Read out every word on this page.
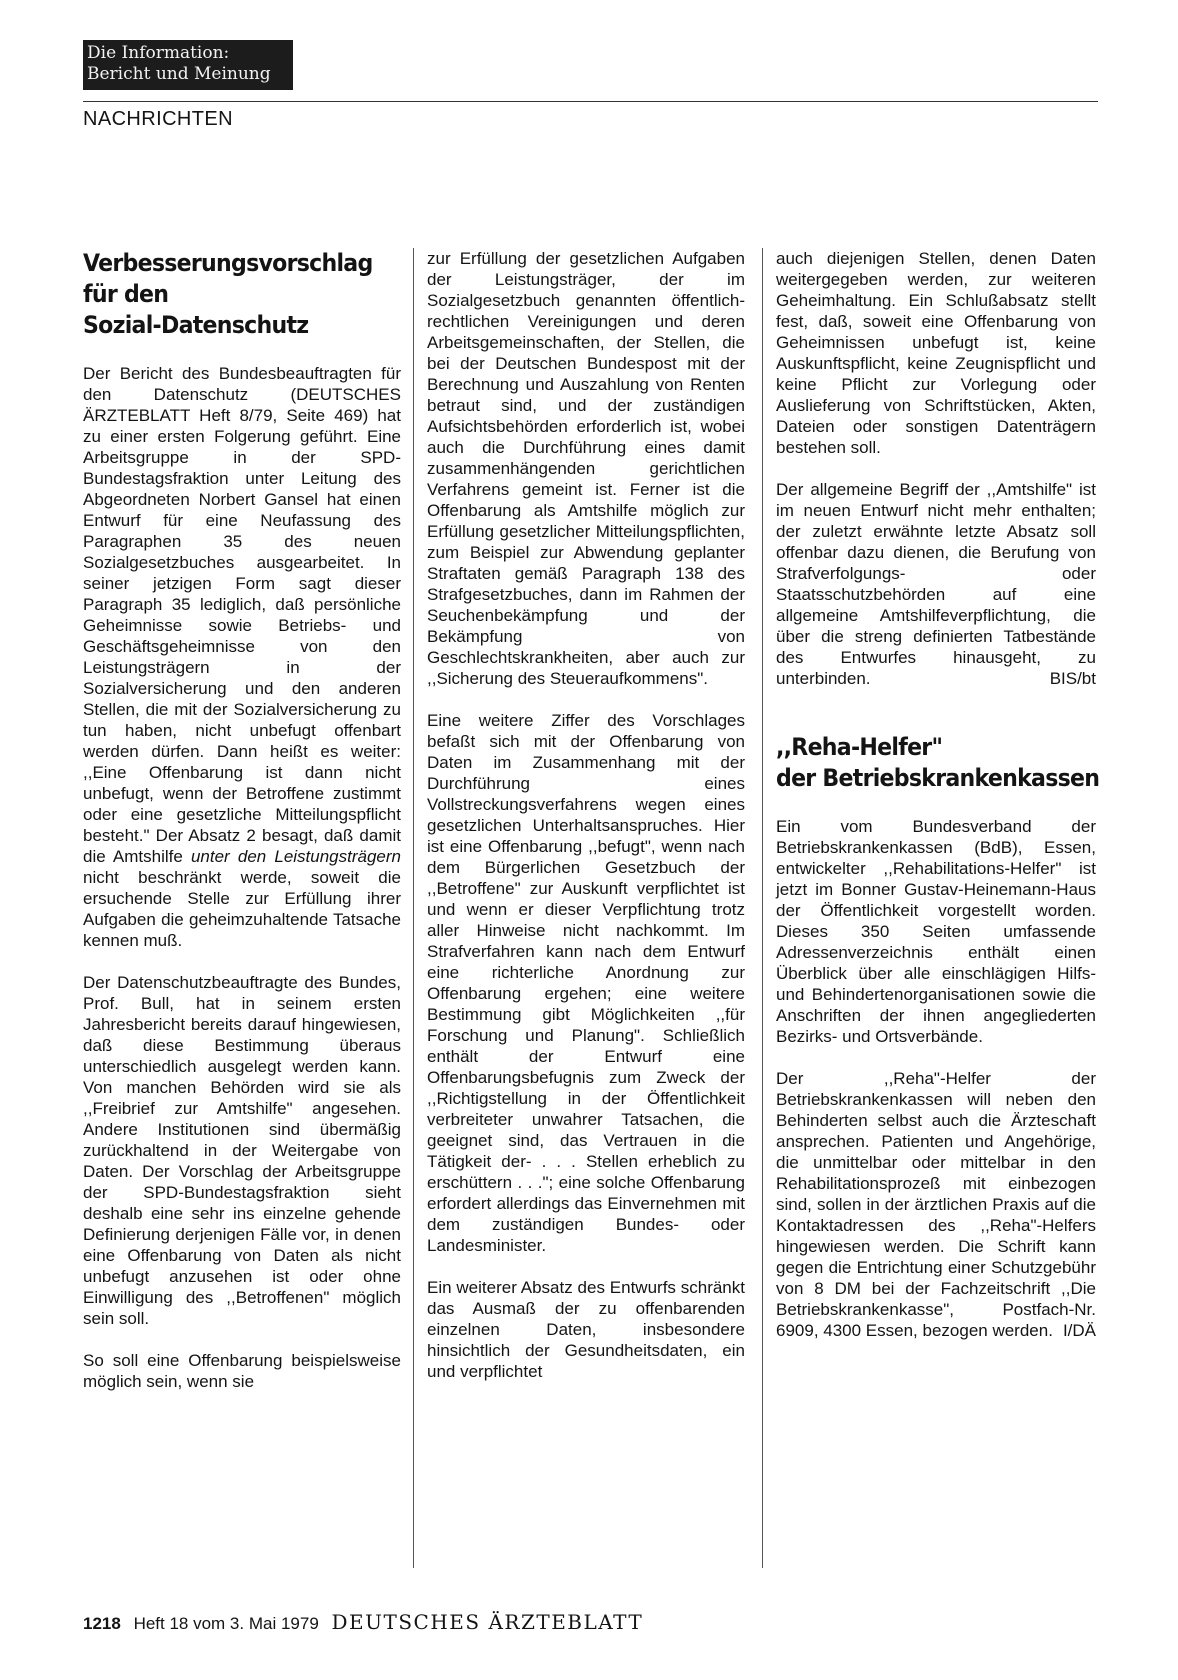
Die Information:
Bericht und Meinung
NACHRICHTEN
Verbesserungsvorschlag
für den
Sozial-Datenschutz

Der Bericht des Bundesbeauftragten für den Datenschutz (DEUTSCHES ÄRZTEBLATT Heft 8/79, Seite 469) hat zu einer ersten Folgerung geführt. Eine Arbeitsgruppe in der SPD-Bundestagsfraktion unter Leitung des Abgeordneten Norbert Gansel hat einen Entwurf für eine Neufassung des Paragraphen 35 des neuen Sozialgesetzbuches ausgearbeitet. In seiner jetzigen Form sagt dieser Paragraph 35 lediglich, daß persönliche Geheimnisse sowie Betriebs- und Geschäftsgeheimnisse von den Leistungsträgern in der Sozialversicherung und den anderen Stellen, die mit der Sozialversicherung zu tun haben, nicht unbefugt offenbart werden dürfen. Dann heißt es weiter: ,,Eine Offenbarung ist dann nicht unbefugt, wenn der Betroffene zustimmt oder eine gesetzliche Mitteilungspflicht besteht." Der Absatz 2 besagt, daß damit die Amtshilfe unter den Leistungsträgern nicht beschränkt werde, soweit die ersuchende Stelle zur Erfüllung ihrer Aufgaben die geheimzuhaltende Tatsache kennen muß.

Der Datenschutzbeauftragte des Bundes, Prof. Bull, hat in seinem ersten Jahresbericht bereits darauf hingewiesen, daß diese Bestimmung überaus unterschiedlich ausgelegt werden kann. Von manchen Behörden wird sie als ,,Freibrief zur Amtshilfe" angesehen. Andere Institutionen sind übermäßig zurückhaltend in der Weitergabe von Daten. Der Vorschlag der Arbeitsgruppe der SPD-Bundestagsfraktion sieht deshalb eine sehr ins einzelne gehende Definierung derjenigen Fälle vor, in denen eine Offenbarung von Daten als nicht unbefugt anzusehen ist oder ohne Einwilligung des ,,Betroffenen" möglich sein soll.

So soll eine Offenbarung beispielsweise möglich sein, wenn sie

zur Erfüllung der gesetzlichen Aufgaben der Leistungsträger, der im Sozialgesetzbuch genannten öffentlich-rechtlichen Vereinigungen und deren Arbeitsgemeinschaften, der Stellen, die bei der Deutschen Bundespost mit der Berechnung und Auszahlung von Renten betraut sind, und der zuständigen Aufsichtsbehörden erforderlich ist, wobei auch die Durchführung eines damit zusammenhängenden gerichtlichen Verfahrens gemeint ist. Ferner ist die Offenbarung als Amtshilfe möglich zur Erfüllung gesetzlicher Mitteilungspflichten, zum Beispiel zur Abwendung geplanter Straftaten gemäß Paragraph 138 des Strafgesetzbuches, dann im Rahmen der Seuchenbekämpfung und der Bekämpfung von Geschlechtskrankheiten, aber auch zur ,,Sicherung des Steueraufkommens".

Eine weitere Ziffer des Vorschlages befaßt sich mit der Offenbarung von Daten im Zusammenhang mit der Durchführung eines Vollstreckungsverfahrens wegen eines gesetzlichen Unterhaltsanspruches. Hier ist eine Offenbarung ,,befugt", wenn nach dem Bürgerlichen Gesetzbuch der ,,Betroffene" zur Auskunft verpflichtet ist und wenn er dieser Verpflichtung trotz aller Hinweise nicht nachkommt. Im Strafverfahren kann nach dem Entwurf eine richterliche Anordnung zur Offenbarung ergehen; eine weitere Bestimmung gibt Möglichkeiten ,,für Forschung und Planung". Schließlich enthält der Entwurf eine Offenbarungsbefugnis zum Zweck der ,,Richtigstellung in der Öffentlichkeit verbreiteter unwahrer Tatsachen, die geeignet sind, das Vertrauen in die Tätigkeit der- . . . Stellen erheblich zu erschüttern . . ."; eine solche Offenbarung erfordert allerdings das Einvernehmen mit dem zuständigen Bundes- oder Landesminister.

Ein weiterer Absatz des Entwurfs schränkt das Ausmaß der zu offenbarenden einzelnen Daten, insbesondere hinsichtlich der Gesundheitsdaten, ein und verpflichtet

auch diejenigen Stellen, denen Daten weitergegeben werden, zur weiteren Geheimhaltung. Ein Schlußabsatz stellt fest, daß, soweit eine Offenbarung von Geheimnissen unbefugt ist, keine Auskunftspflicht, keine Zeugnispflicht und keine Pflicht zur Vorlegung oder Auslieferung von Schriftstücken, Akten, Dateien oder sonstigen Datenträgern bestehen soll.

Der allgemeine Begriff der ,,Amtshilfe" ist im neuen Entwurf nicht mehr enthalten; der zuletzt erwähnte letzte Absatz soll offenbar dazu dienen, die Berufung von Strafverfolgungs- oder Staatsschutzbehörden auf eine allgemeine Amtshilfeverpflichtung, die über die streng definierten Tatbestände des Entwurfes hinausgeht, zu unterbinden.	BIS/bt

,,Reha-Helfer"
der Betriebskrankenkassen

Ein vom Bundesverband der Betriebskrankenkassen (BdB), Essen, entwickelter ,,Rehabilitations-Helfer" ist jetzt im Bonner Gustav-Heinemann-Haus der Öffentlichkeit vorgestellt worden. Dieses 350 Seiten umfassende Adressenverzeichnis enthält einen Überblick über alle einschlägigen Hilfs- und Behindertenorganisationen sowie die Anschriften der ihnen angegliederten Bezirks- und Ortsverbände.

Der ,,Reha"-Helfer der Betriebskrankenkassen will neben den Behinderten selbst auch die Ärzteschaft ansprechen. Patienten und Angehörige, die unmittelbar oder mittelbar in den Rehabilitationsprozeß mit einbezogen sind, sollen in der ärztlichen Praxis auf die Kontaktadressen des ,,Reha"-Helfers hingewiesen werden. Die Schrift kann gegen die Entrichtung einer Schutzgebühr von 8 DM bei der Fachzeitschrift ,,Die Betriebskrankenkasse", Postfach-Nr. 6909, 4300 Essen, bezogen werden. I/DÄ

1218 Heft 18 vom 3. Mai 1979 DEUTSCHES ÄRZTEBLATT
